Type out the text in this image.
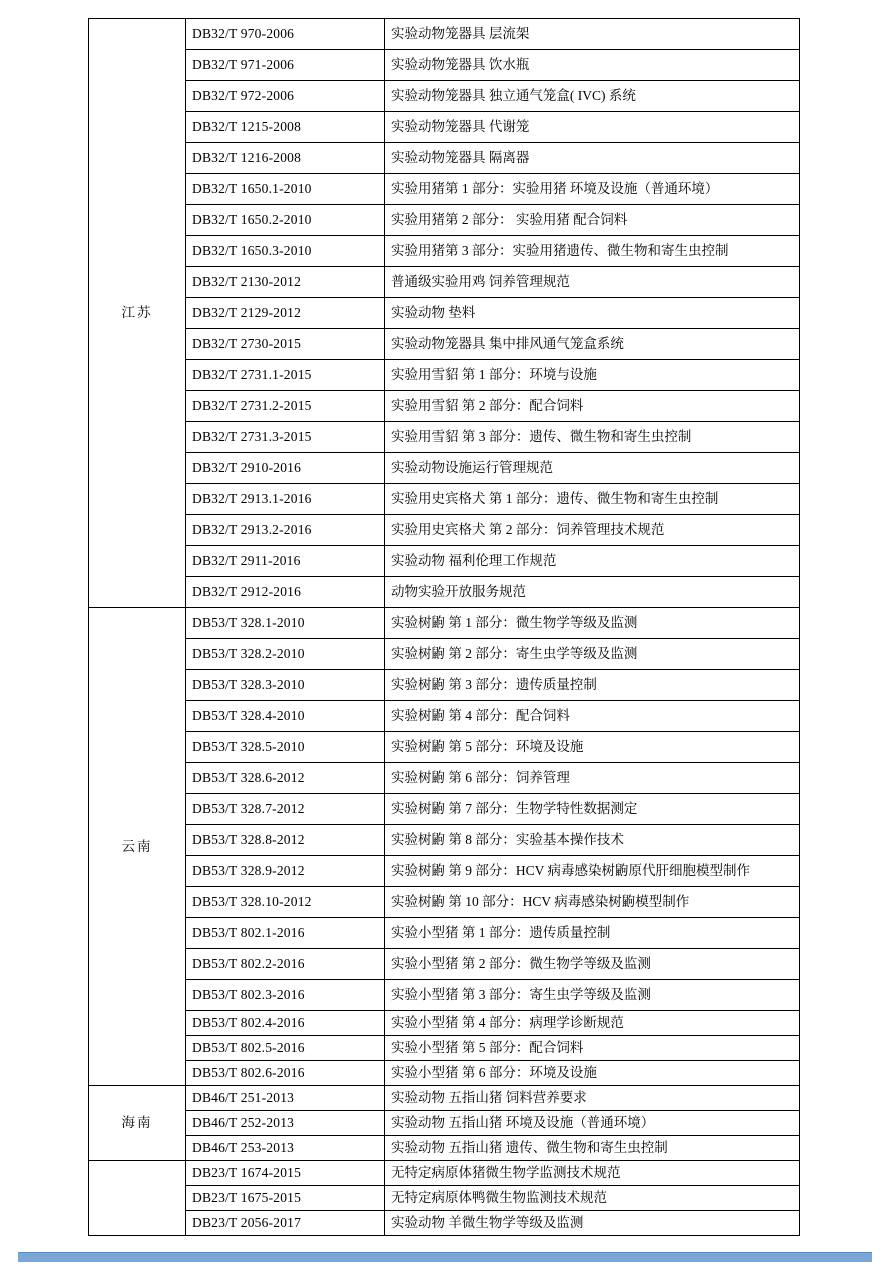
江苏	DB32/T 970-2006	实验动物笼器具 层流架
	DB32/T 971-2006	实验动物笼器具 饮水瓶
	DB32/T 972-2006	实验动物笼器具 独立通气笼盒( IVC) 系统
	DB32/T 1215-2008	实验动物笼器具 代谢笼
	DB32/T 1216-2008	实验动物笼器具 隔离器
	DB32/T 1650.1-2010	实验用猪第 1 部分：实验用猪 环境及设施（普通环境）
	DB32/T 1650.2-2010	实验用猪第 2 部分： 实验用猪 配合饲料
	DB32/T 1650.3-2010	实验用猪第 3 部分：实验用猪遗传、微生物和寄生虫控制
	DB32/T 2130-2012	普通级实验用鸡 饲养管理规范
	DB32/T 2129-2012	实验动物 垫料
	DB32/T 2730-2015	实验动物笼器具 集中排风通气笼盒系统
	DB32/T 2731.1-2015	实验用雪貂 第 1 部分：环境与设施
	DB32/T 2731.2-2015	实验用雪貂 第 2 部分：配合饲料
	DB32/T 2731.3-2015	实验用雪貂 第 3 部分：遗传、微生物和寄生虫控制
	DB32/T 2910-2016	实验动物设施运行管理规范
	DB32/T 2913.1-2016	实验用史宾格犬 第 1 部分：遗传、微生物和寄生虫控制
	DB32/T 2913.2-2016	实验用史宾格犬 第 2 部分：饲养管理技术规范
	DB32/T 2911-2016	实验动物 福利伦理工作规范
	DB32/T 2912-2016	动物实验开放服务规范
云南	DB53/T 328.1-2010	实验树鼩 第 1 部分：微生物学等级及监测
	DB53/T 328.2-2010	实验树鼩 第 2 部分：寄生虫学等级及监测
	DB53/T 328.3-2010	实验树鼩 第 3 部分：遗传质量控制
	DB53/T 328.4-2010	实验树鼩 第 4 部分：配合饲料
	DB53/T 328.5-2010	实验树鼩 第 5 部分：环境及设施
	DB53/T 328.6-2012	实验树鼩 第 6 部分：饲养管理
	DB53/T 328.7-2012	实验树鼩 第 7 部分：生物学特性数据测定
	DB53/T 328.8-2012	实验树鼩 第 8 部分：实验基本操作技术
	DB53/T 328.9-2012	实验树鼩 第 9 部分：HCV 病毒感染树鼩原代肝细胞模型制作
	DB53/T 328.10-2012	实验树鼩 第 10 部分：HCV 病毒感染树鼩模型制作
	DB53/T 802.1-2016	实验小型猪 第 1 部分：遗传质量控制
	DB53/T 802.2-2016	实验小型猪 第 2 部分：微生物学等级及监测
	DB53/T 802.3-2016	实验小型猪 第 3 部分：寄生虫学等级及监测
	DB53/T 802.4-2016	实验小型猪 第 4 部分：病理学诊断规范
	DB53/T 802.5-2016	实验小型猪 第 5 部分：配合饲料
	DB53/T 802.6-2016	实验小型猪 第 6 部分：环境及设施
海南	DB46/T 251-2013	实验动物 五指山猪 饲料营养要求
	DB46/T 252-2013	实验动物 五指山猪 环境及设施（普通环境）
	DB46/T 253-2013	实验动物 五指山猪 遗传、微生物和寄生虫控制
	DB23/T 1674-2015	无特定病原体猪微生物学监测技术规范
	DB23/T 1675-2015	无特定病原体鸭微生物监测技术规范
	DB23/T 2056-2017	实验动物 羊微生物学等级及监测
